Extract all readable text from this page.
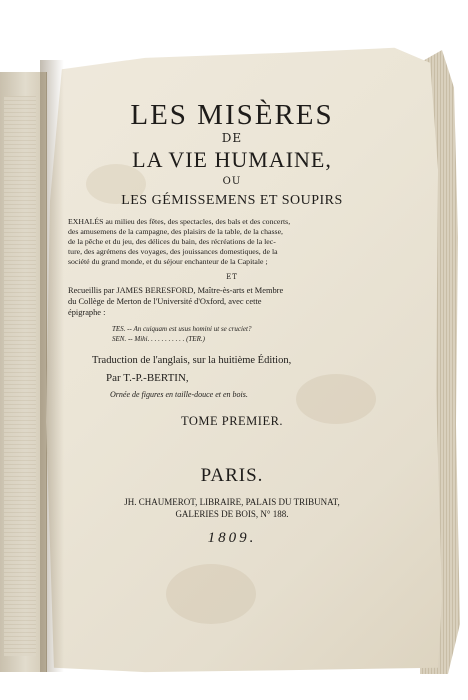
LES MISÈRES
DE
LA VIE HUMAINE,
OU
LES GÉMISSEMENS ET SOUPIRS
EXHALÉS au milieu des fêtes, des spectacles, des bals et des concerts,
des amusemens de la campagne, des plaisirs de la table, de la chasse,
de la pêche et du jeu, des délices du bain, des récréations de la lec-
ture, des agrémens des voyages, des jouissances domestiques, de la
société du grand monde, et du séjour enchanteur de la Capitale ;
ET
Recueillis par JAMES BERESFORD, Maître-ès-arts et Membre
du Collège de Merton de l'Université d'Oxford, avec cette
épigraphe :
TES. -- An cuiquam est usus homini ut se cruciet?
SEN. -- Mihi. . . . . . . . . . . (TER.)
Traduction de l'anglais, sur la huitième Édition,
Par T.-P.-BERTIN,
Ornée de figures en taille-douce et en bois.
TOME PREMIER.
PARIS.
JH. CHAUMEROT, LIBRAIRE, PALAIS DU TRIBUNAT,
GALERIES DE BOIS, N° 188.
1809.
